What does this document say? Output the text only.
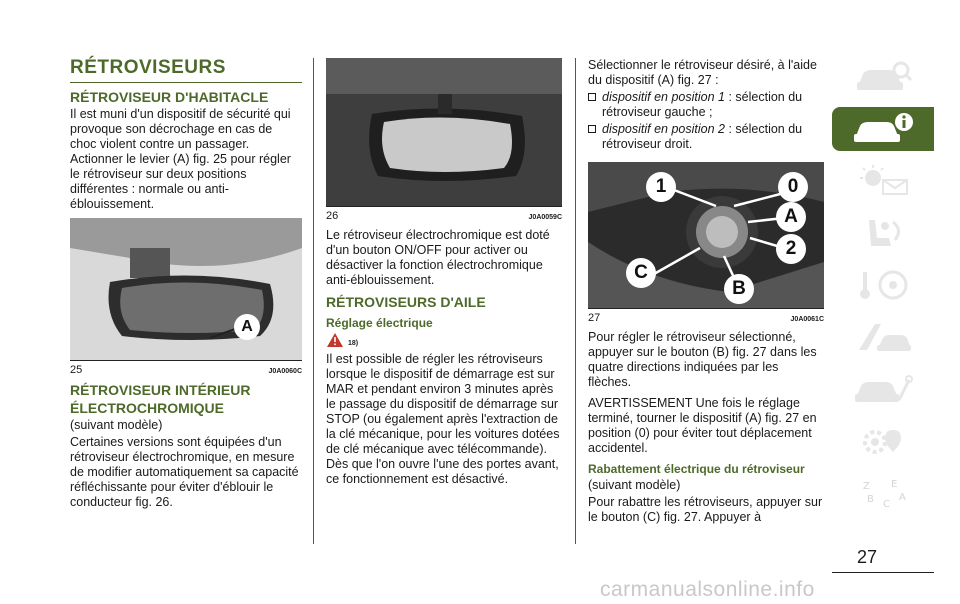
RÉTROVISEURS
RÉTROVISEUR D'HABITACLE

Il est muni d'un dispositif de sécurité qui provoque son décrochage en cas de choc violent contre un passager. Actionner le levier (A) fig. 25 pour régler le rétroviseur sur deux positions différentes : normale ou anti-éblouissement.

A
25	J0A0060C
RÉTROVISEUR INTÉRIEUR
ÉLECTROCHROMIQUE

(suivant modèle)

Certaines versions sont équipées d'un rétroviseur électrochromique, en mesure de modifier automatiquement sa capacité réfléchissante pour éviter d'éblouir le conducteur fig. 26.

26	J0A0059C

Le rétroviseur électrochromique est doté d'un bouton ON/OFF pour activer ou désactiver la fonction électrochromique anti-éblouissement.

RÉTROVISEURS D'AILE
Réglage électrique
18)

Il est possible de régler les rétroviseurs lorsque le dispositif de démarrage est sur MAR et pendant environ 3 minutes après le passage du dispositif de démarrage sur STOP (ou également après l'extraction de la clé mécanique, pour les voitures dotées de clé mécanique avec télécommande). Dès que l'on ouvre l'une des portes avant, ce fonctionnement est désactivé.

Sélectionner le rétroviseur désiré, à l'aide du dispositif (A) fig. 27 :

dispositif en position 1 : sélection du rétroviseur gauche ;

dispositif en position 2 : sélection du rétroviseur droit.

1	0
A
2
C
B
27	J0A0061C

Pour régler le rétroviseur sélectionné, appuyer sur le bouton (B) fig. 27 dans les quatre directions indiquées par les flèches.

AVERTISSEMENT Une fois le réglage terminé, tourner le dispositif (A) fig. 27 en position (0) pour éviter tout déplacement accidentel.

Rabattement électrique du rétroviseur

(suivant modèle)

Pour rabattre les rétroviseurs, appuyer sur le bouton (C) fig. 27. Appuyer à

Z E
B C
A
27
carmanualsonline.info
